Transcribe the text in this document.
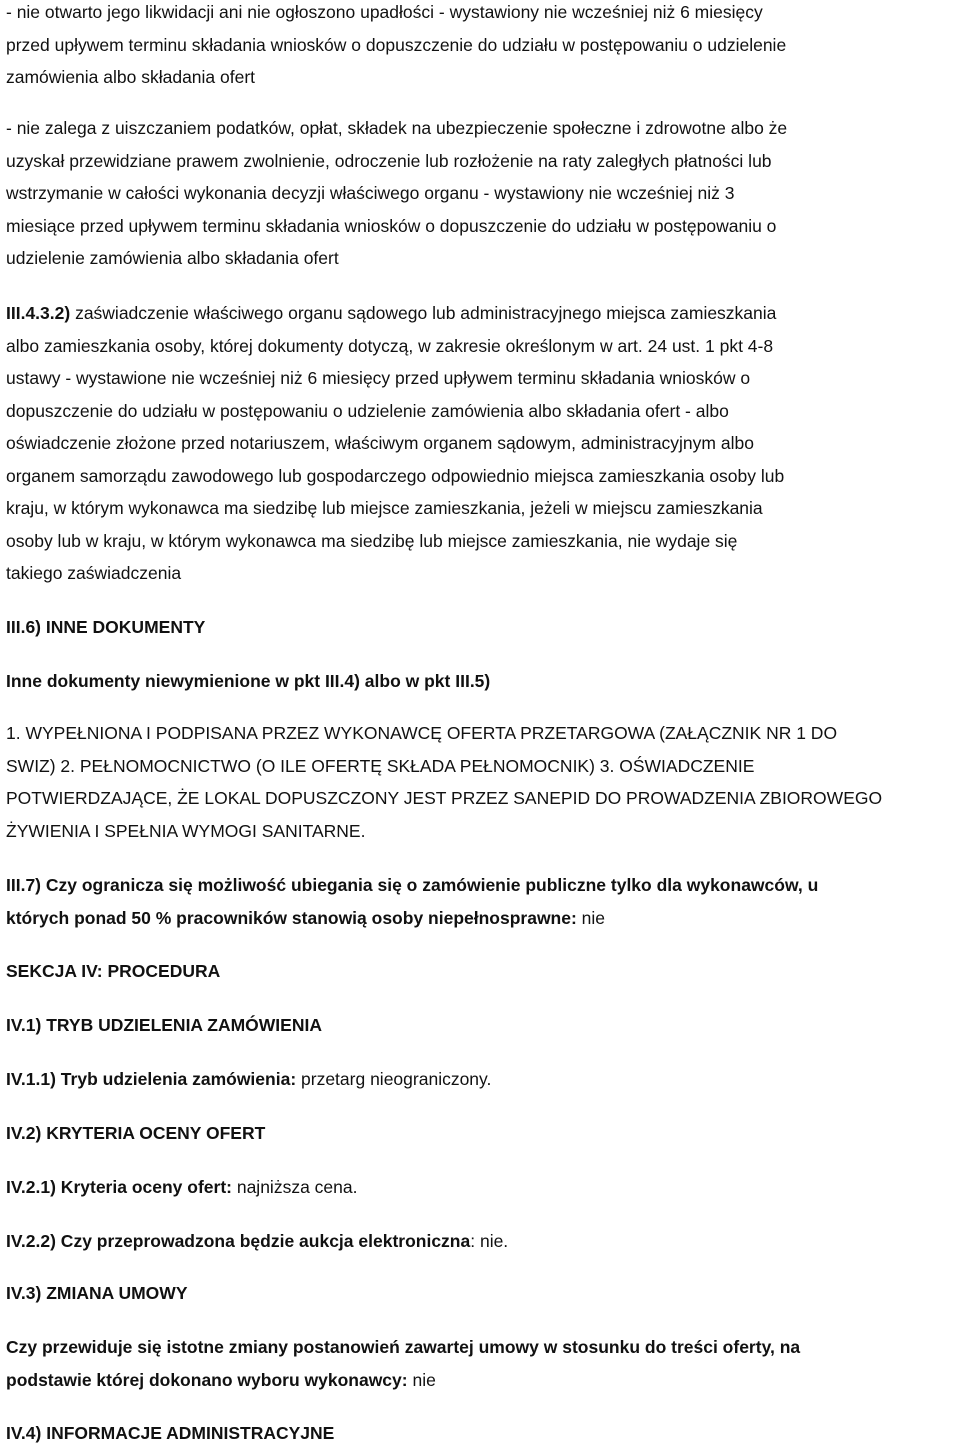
- nie otwarto jego likwidacji ani nie ogłoszono upadłości - wystawiony nie wcześniej niż 6 miesięcy
przed upływem terminu składania wniosków o dopuszczenie do udziału w postępowaniu o udzielenie
zamówienia albo składania ofert
- nie zalega z uiszczaniem podatków, opłat, składek na ubezpieczenie społeczne i zdrowotne albo że
uzyskał przewidziane prawem zwolnienie, odroczenie lub rozłożenie na raty zaległych płatności lub
wstrzymanie w całości wykonania decyzji właściwego organu - wystawiony nie wcześniej niż 3
miesiące przed upływem terminu składania wniosków o dopuszczenie do udziału w postępowaniu o
udzielenie zamówienia albo składania ofert
III.4.3.2) zaświadczenie właściwego organu sądowego lub administracyjnego miejsca zamieszkania
albo zamieszkania osoby, której dokumenty dotyczą, w zakresie określonym w art. 24 ust. 1 pkt 4-8
ustawy - wystawione nie wcześniej niż 6 miesięcy przed upływem terminu składania wniosków o
dopuszczenie do udziału w postępowaniu o udzielenie zamówienia albo składania ofert - albo
oświadczenie złożone przed notariuszem, właściwym organem sądowym, administracyjnym albo
organem samorządu zawodowego lub gospodarczego odpowiednio miejsca zamieszkania osoby lub
kraju, w którym wykonawca ma siedzibę lub miejsce zamieszkania, jeżeli w miejscu zamieszkania
osoby lub w kraju, w którym wykonawca ma siedzibę lub miejsce zamieszkania, nie wydaje się
takiego zaświadczenia
III.6) INNE DOKUMENTY
Inne dokumenty niewymienione w pkt III.4) albo w pkt III.5)
1. WYPEŁNIONA I PODPISANA PRZEZ WYKONAWCĘ OFERTA PRZETARGOWA (ZAŁĄCZNIK NR 1 DO
SWIZ) 2. PEŁNOMOCNICTWO (O ILE OFERTĘ SKŁADA PEŁNOMOCNIK) 3. OŚWIADCZENIE
POTWIERDZAJĄCE, ŻE LOKAL DOPUSZCZONY JEST PRZEZ SANEPID DO PROWADZENIA ZBIOROWEGO
ŻYWIENIA I SPEŁNIA WYMOGI SANITARNE.
III.7) Czy ogranicza się możliwość ubiegania się o zamówienie publiczne tylko dla wykonawców, u
których ponad 50 % pracowników stanowią osoby niepełnosprawne: nie
SEKCJA IV: PROCEDURA
IV.1) TRYB UDZIELENIA ZAMÓWIENIA
IV.1.1) Tryb udzielenia zamówienia: przetarg nieograniczony.
IV.2) KRYTERIA OCENY OFERT
IV.2.1) Kryteria oceny ofert: najniższa cena.
IV.2.2) Czy przeprowadzona będzie aukcja elektroniczna: nie.
IV.3) ZMIANA UMOWY
Czy przewiduje się istotne zmiany postanowień zawartej umowy w stosunku do treści oferty, na
podstawie której dokonano wyboru wykonawcy: nie
IV.4) INFORMACJE ADMINISTRACYJNE
